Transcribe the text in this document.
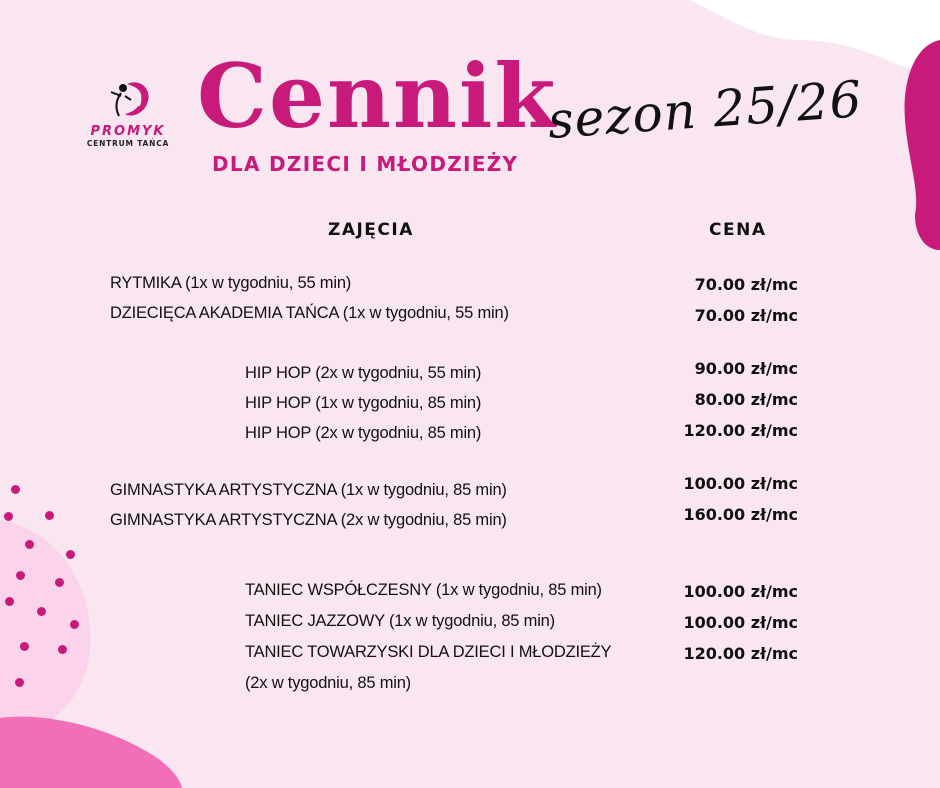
PROMYK
CENTRUM TAŃCA Cennik
sezon 25/26
DLA DZIECI I MŁODZIEŻY
ZAJĘCIA	CENA
RYTMIKA (1x w tygodniu, 55 min)	70.00 zł/mc
DZIECIĘCA AKADEMIA TAŃCA (1x w tygodniu, 55 min)	70.00 zł/mc
HIP HOP (2x w tygodniu, 55 min)	90.00 zł/mc
HIP HOP (1x w tygodniu, 85 min)	80.00 zł/mc
HIP HOP (2x w tygodniu, 85 min)	120.00 zł/mc
GIMNASTYKA ARTYSTYCZNA (1x w tygodniu, 85 min)	100.00 zł/mc
GIMNASTYKA ARTYSTYCZNA (2x w tygodniu, 85 min)	160.00 zł/mc
TANIEC WSPÓŁCZESNY (1x w tygodniu, 85 min)	100.00 zł/mc
TANIEC JAZZOWY (1x w tygodniu, 85 min)	100.00 zł/mc
TANIEC TOWARZYSKI DLA DZIECI I MŁODZIEŻY
(2x w tygodniu, 85 min)
120.00 zł/mc
